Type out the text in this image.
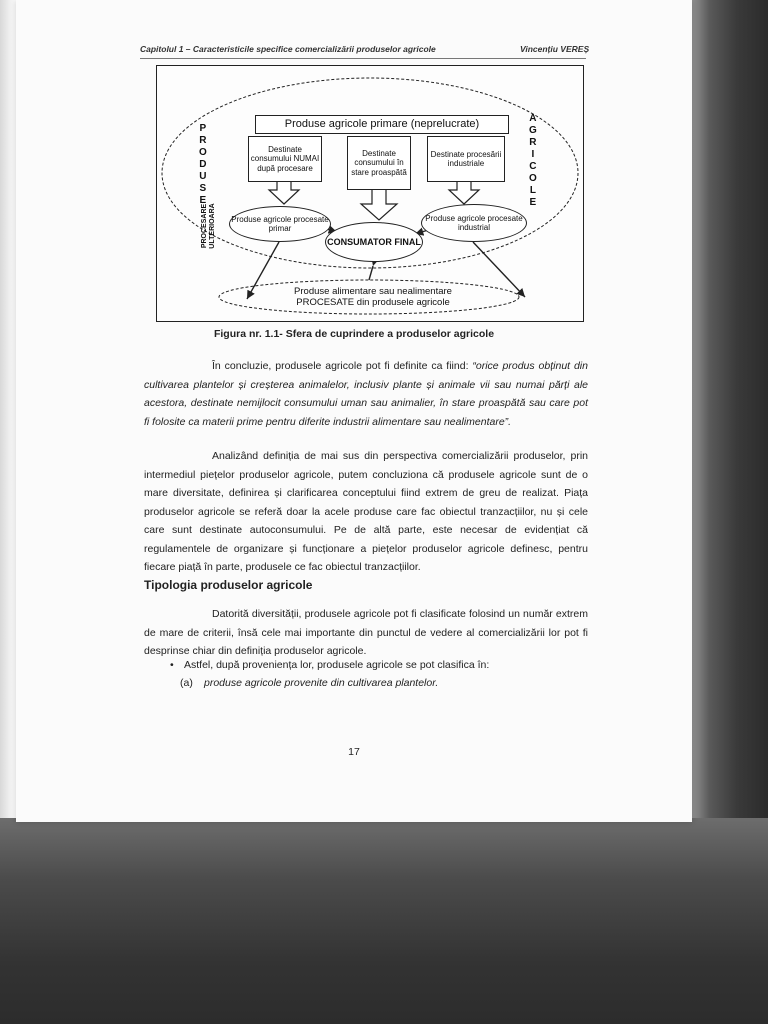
Capitolul 1 – Caracteristicile specifice comercializării produselor agricole	Vincențiu VEREȘ
Produse agricole primare (neprelucrate)
Destinate consumului NUMAI după procesare
Destinate consumului în stare proaspătă
Destinate procesării industriale
Produse agricole procesate primar
Produse agricole procesate industrial
CONSUMATOR FINAL
Produse alimentare sau nealimentare
PROCESATE din produsele agricole
P
R
O
D
U
S
E
A
G
R
I
C
O
L
E
PROCESARE ULTERIOARA
Figura nr. 1.1- Sfera de cuprindere a produselor agricole
În concluzie, produsele agricole pot fi definite ca fiind: “orice produs obținut din cultivarea plantelor și creșterea animalelor, inclusiv plante și animale vii sau numai părți ale acestora, destinate nemijlocit consumului uman sau animalier, în stare proaspătă sau care pot fi folosite ca materii prime pentru diferite industrii alimentare sau nealimentare”.
Analizând definiția de mai sus din perspectiva comercializării produselor, prin intermediul piețelor produselor agricole, putem concluziona că produsele agricole sunt de o mare diversitate, definirea și clarificarea conceptului fiind extrem de greu de realizat. Piața produselor agricole se referă doar la acele produse care fac obiectul tranzacțiilor, nu și cele care sunt destinate autoconsumului. Pe de altă parte, este necesar de evidențiat că regulamentele de organizare și funcționare a piețelor produselor agricole definesc, pentru fiecare piață în parte, produsele ce fac obiectul tranzacțiilor.
Tipologia produselor agricole
Datorită diversității, produsele agricole pot fi clasificate folosind un număr extrem de mare de criterii, însă cele mai importante din punctul de vedere al comercializării lor pot fi desprinse chiar din definiția produselor agricole.
• Astfel, după proveniența lor, produsele agricole se pot clasifica în:
(a) produse agricole provenite din cultivarea plantelor.
17
